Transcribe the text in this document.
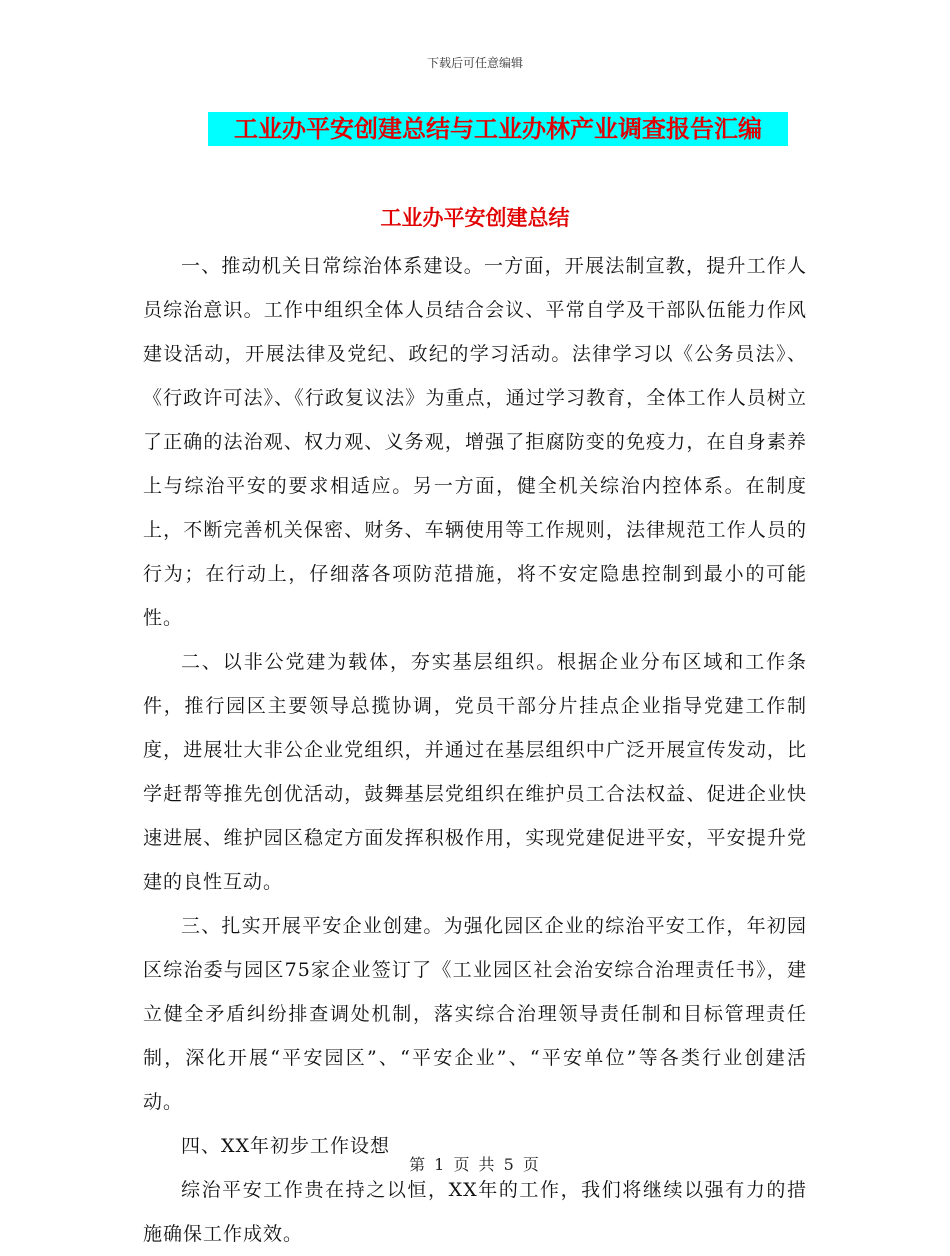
下载后可任意编辑
工业办平安创建总结与工业办林产业调查报告汇编
工业办平安创建总结

一、推动机关日常综治体系建设。一方面，开展法制宣教，提升工作人员综治意识。工作中组织全体人员结合会议、平常自学及干部队伍能力作风建设活动，开展法律及党纪、政纪的学习活动。法律学习以《公务员法》、《行政许可法》、《行政复议法》为重点，通过学习教育，全体工作人员树立了正确的法治观、权力观、义务观，增强了拒腐防变的免疫力，在自身素养上与综治平安的要求相适应。另一方面，健全机关综治内控体系。在制度上，不断完善机关保密、财务、车辆使用等工作规则，法律规范工作人员的行为；在行动上，仔细落各项防范措施，将不安定隐患控制到最小的可能性。

二、以非公党建为载体，夯实基层组织。根据企业分布区域和工作条件，推行园区主要领导总揽协调，党员干部分片挂点企业指导党建工作制度，进展壮大非公企业党组织，并通过在基层组织中广泛开展宣传发动，比学赶帮等推先创优活动，鼓舞基层党组织在维护员工合法权益、促进企业快速进展、维护园区稳定方面发挥积极作用，实现党建促进平安，平安提升党建的良性互动。

三、扎实开展平安企业创建。为强化园区企业的综治平安工作，年初园区综治委与园区75家企业签订了《工业园区社会治安综合治理责任书》，建立健全矛盾纠纷排查调处机制，落实综合治理领导责任制和目标管理责任制，深化开展“平安园区”、“平安企业”、“平安单位”等各类行业创建活动。

四、XX年初步工作设想

综治平安工作贵在持之以恒，XX年的工作，我们将继续以强有力的措施确保工作成效。

第 1 页 共 5 页
